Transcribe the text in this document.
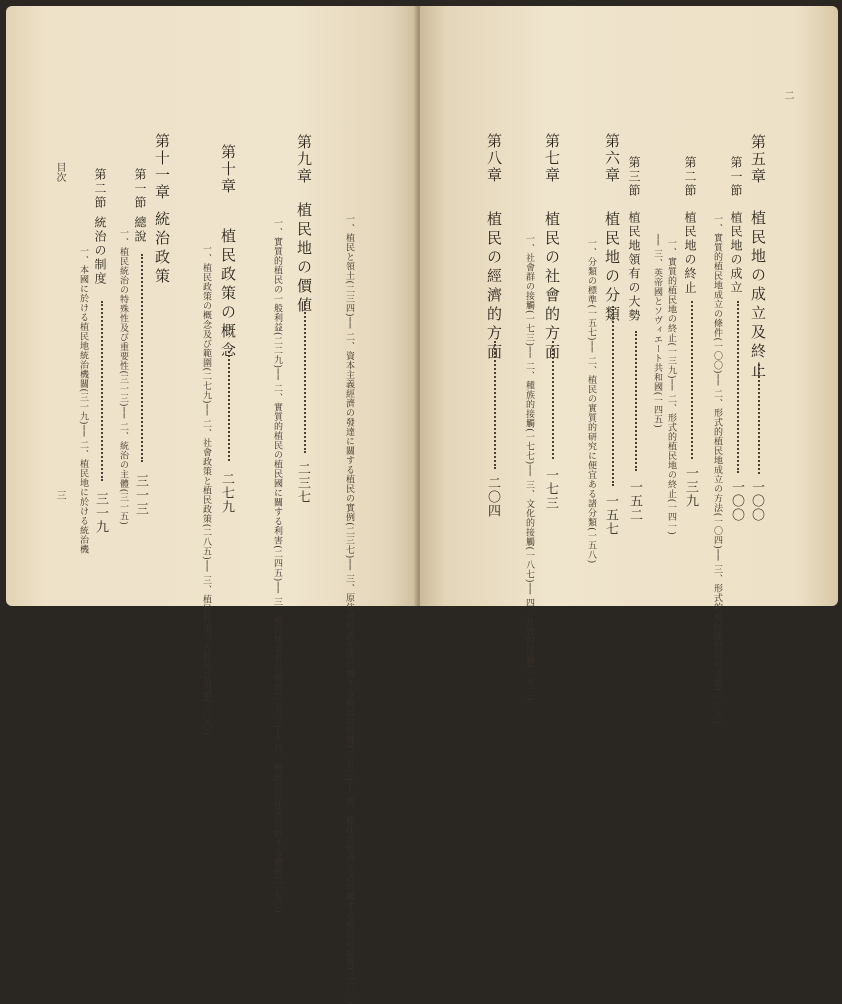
目次
三
第十一章
統治政策
第一節
總說
三一三
一、植民統治の特殊性及び重要性(三一三)── 二、統治の主體(三一五)
第二節
統治の制度
三一九
一、本國に於ける植民地統治機關(三一九)── 二、植民地に於ける統治機
第十章
植民政策の概念
二七九
一、植民政策の概念及び範圍(二七九)── 二、社會政策と植民政策(二八五)── 三、植民政策の方針及び價値(三〇〇)
第九章
植民地の價値
二三七
一、實質的植民の一般利益(二二九)── 二、實質的植民の植民國に關する利害(二四五)── 三、植民地領有の價値(二五二)── 四、植民の原住者に對する價値(二七〇)	一、植民と領土(二三四)── 二、資本主義經濟の發達に關する植民の實例(二三七)── 三、原住者經濟生活に關する植民の影響(二五二)── 四、移住者經濟生活に關する植民の影響(二六三)
二
第五章
植民地の成立及終止
一〇〇
第一節
植民地の成立
一〇〇
一、實質的植民地成立の條件(一〇〇)── 二、形式的植民地成立の方法(一〇四)── 三、形式的植民地創設の主體(一二六)
第二節
植民地の終止
一三九
一、實質的植民地の終止(一三九)── 二、形式的植民地の終止(一四一)
── 三、英帝國とソヴィエート共和國(一四五)
第三節
植民地領有の大勢
一五二
第六章
植民地の分類
一五七
一、分類の標準(一五七)── 二、植民の實質的研究に便宜ある諸分類(一五八)
第七章
植民の社會的方面
一七三
一、社會群の接觸(一七三)── 二、種族的接觸(一七七)── 三、文化的接觸(一八七)── 四、社會的接觸(一九三)
第八章
植民の經濟的方面
二〇四
